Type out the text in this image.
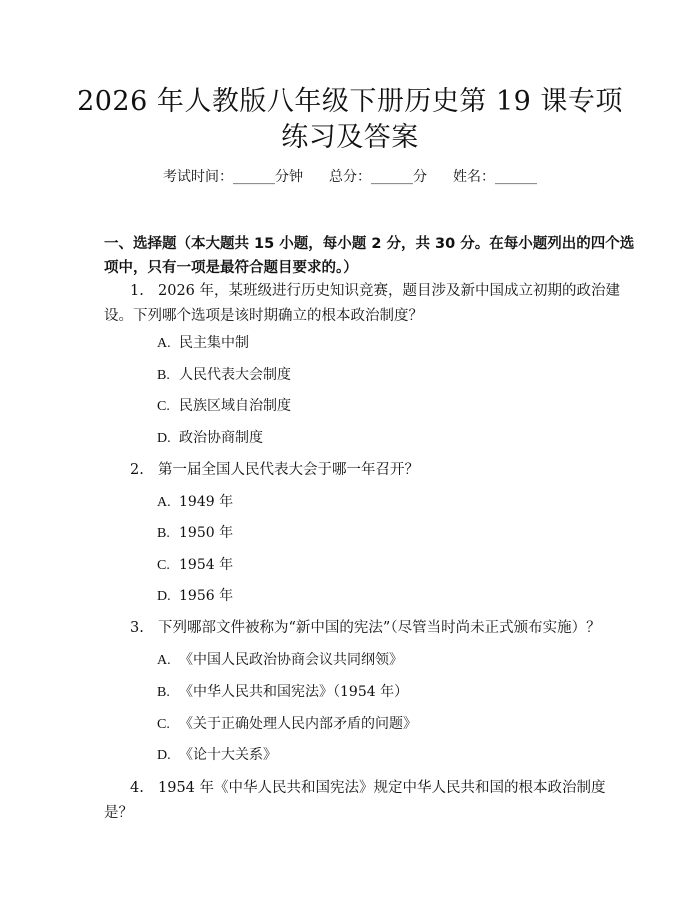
2026 年人教版八年级下册历史第 19 课专项
练习及答案
考试时间：______分钟 总分：______分 姓名：______
一、选择题（本大题共 15 小题，每小题 2 分，共 30 分。在每小题列出的四个选
项中，只有一项是最符合题目要求的。）
1. 2026 年，某班级进行历史知识竞赛，题目涉及新中国成立初期的政治建
设。下列哪个选项是该时期确立的根本政治制度？
A. 民主集中制
B. 人民代表大会制度
C. 民族区域自治制度
D. 政治协商制度
2. 第一届全国人民代表大会于哪一年召开？
A. 1949 年
B. 1950 年
C. 1954 年
D. 1956 年
3. 下列哪部文件被称为“新中国的宪法”（尽管当时尚未正式颁布实施）？
A. 《中国人民政治协商会议共同纲领》
B. 《中华人民共和国宪法》（1954 年）
C. 《关于正确处理人民内部矛盾的问题》
D. 《论十大关系》
4. 1954 年《中华人民共和国宪法》规定中华人民共和国的根本政治制度
是？
